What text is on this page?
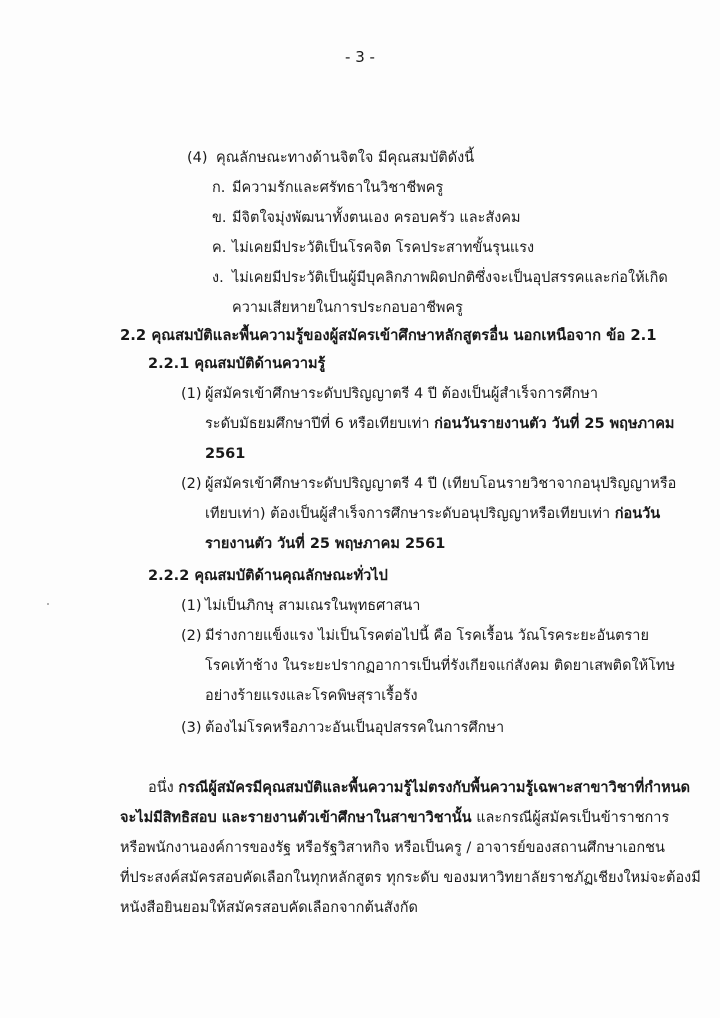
- 3 -
(4) คุณลักษณะทางด้านจิตใจ มีคุณสมบัติดังนี้
ก. มีความรักและศรัทธาในวิชาชีพครู
ข. มีจิตใจมุ่งพัฒนาทั้งตนเอง ครอบครัว และสังคม
ค. ไม่เคยมีประวัติเป็นโรคจิต โรคประสาทขั้นรุนแรง
ง. ไม่เคยมีประวัติเป็นผู้มีบุคลิกภาพผิดปกติซึ่งจะเป็นอุปสรรคและก่อให้เกิด
ความเสียหายในการประกอบอาชีพครู
2.2 คุณสมบัติและพื้นความรู้ของผู้สมัครเข้าศึกษาหลักสูตรอื่น นอกเหนือจาก ข้อ 2.1
2.2.1 คุณสมบัติด้านความรู้
(1) ผู้สมัครเข้าศึกษาระดับปริญญาตรี 4 ปี ต้องเป็นผู้สำเร็จการศึกษา
ระดับมัธยมศึกษาปีที่ 6 หรือเทียบเท่า ก่อนวันรายงานตัว วันที่ 25 พฤษภาคม
2561
(2) ผู้สมัครเข้าศึกษาระดับปริญญาตรี 4 ปี (เทียบโอนรายวิชาจากอนุปริญญาหรือ
เทียบเท่า) ต้องเป็นผู้สำเร็จการศึกษาระดับอนุปริญญาหรือเทียบเท่า ก่อนวัน
รายงานตัว วันที่ 25 พฤษภาคม 2561
2.2.2 คุณสมบัติด้านคุณลักษณะทั่วไป
(1) ไม่เป็นภิกษุ สามเณรในพุทธศาสนา
(2) มีร่างกายแข็งแรง ไม่เป็นโรคต่อไปนี้ คือ โรคเรื้อน วัณโรคระยะอันตราย
โรคเท้าช้าง ในระยะปรากฏอาการเป็นที่รังเกียจแก่สังคม ติดยาเสพติดให้โทษ
อย่างร้ายแรงและโรคพิษสุราเรื้อรัง
(3) ต้องไม่โรคหรือภาวะอันเป็นอุปสรรคในการศึกษา
อนึ่ง กรณีผู้สมัครมีคุณสมบัติและพื้นความรู้ไม่ตรงกับพื้นความรู้เฉพาะสาขาวิชาที่กำหนด
จะไม่มีสิทธิสอบ และรายงานตัวเข้าศึกษาในสาขาวิชานั้น และกรณีผู้สมัครเป็นข้าราชการ
หรือพนักงานองค์การของรัฐ หรือรัฐวิสาหกิจ หรือเป็นครู / อาจารย์ของสถานศึกษาเอกชน
ที่ประสงค์สมัครสอบคัดเลือกในทุกหลักสูตร ทุกระดับ ของมหาวิทยาลัยราชภัฏเชียงใหม่จะต้องมี
หนังสือยินยอมให้สมัครสอบคัดเลือกจากต้นสังกัด
